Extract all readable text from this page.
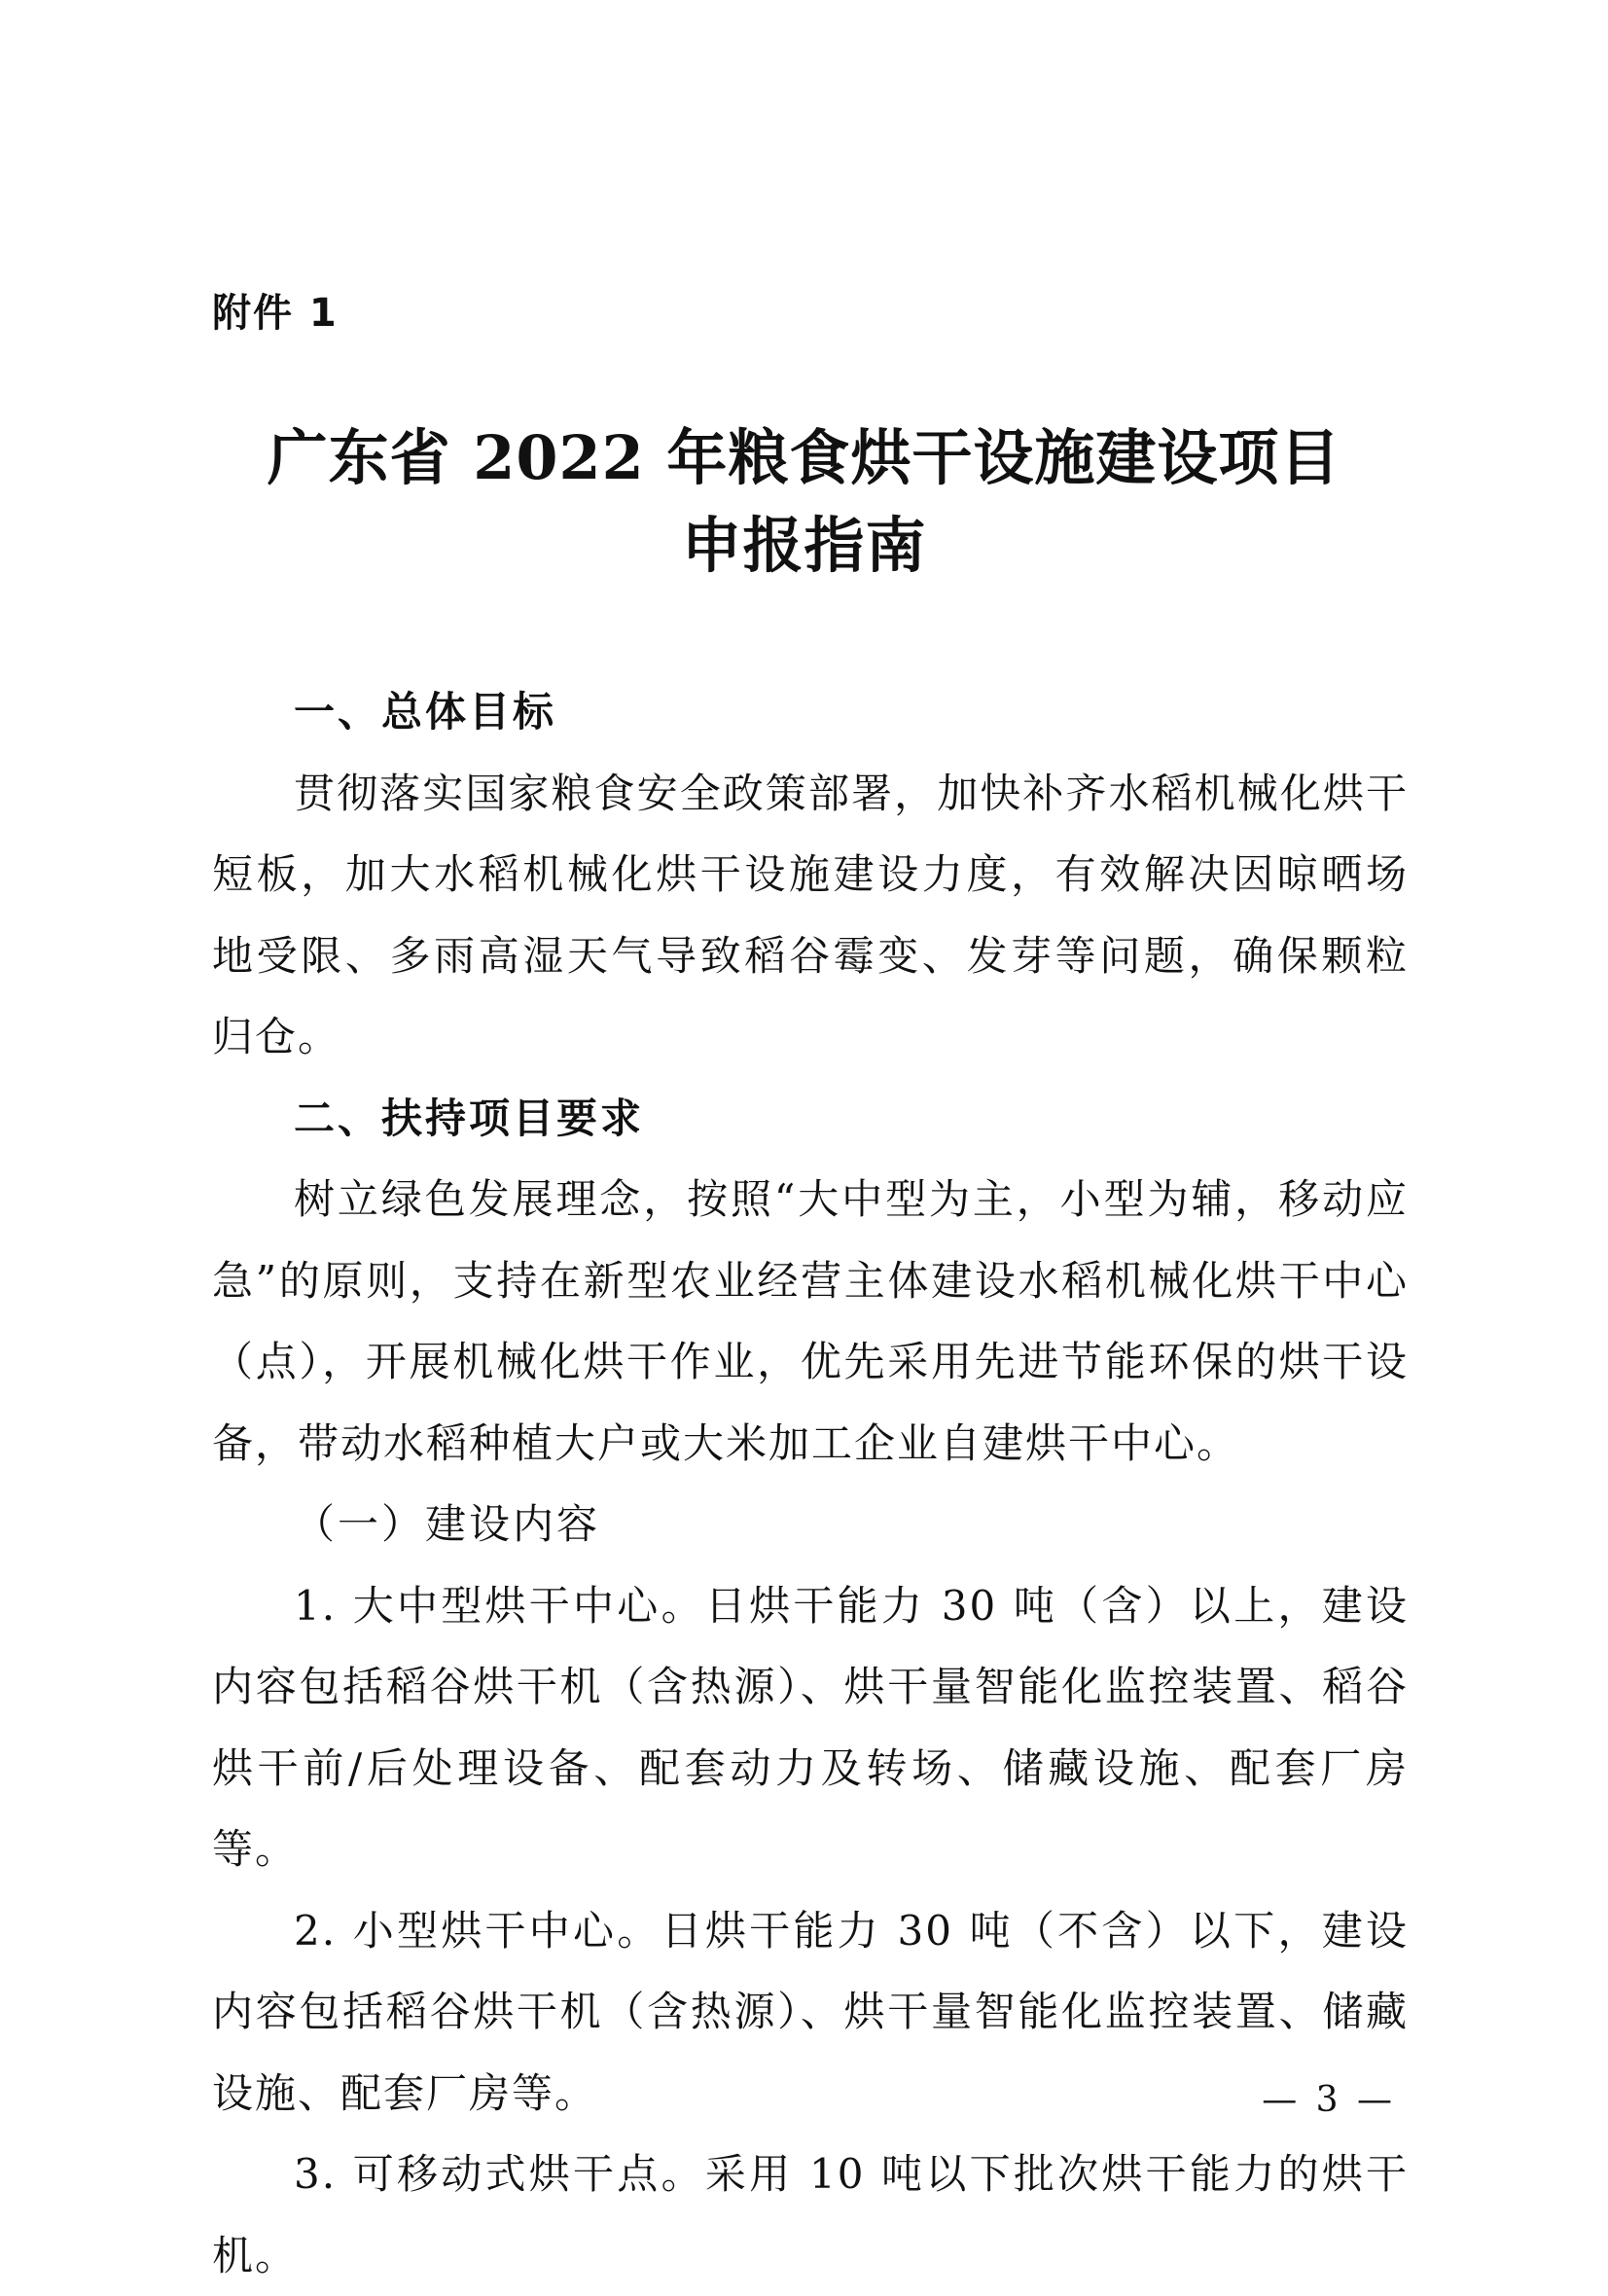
附件 1
广东省 2022 年粮食烘干设施建设项目
申报指南

一、总体目标

贯彻落实国家粮食安全政策部署，加快补齐水稻机械化烘干短板，加大水稻机械化烘干设施建设力度，有效解决因晾晒场地受限、多雨高湿天气导致稻谷霉变、发芽等问题，确保颗粒归仓。

二、扶持项目要求

树立绿色发展理念，按照“大中型为主，小型为辅，移动应急”的原则，支持在新型农业经营主体建设水稻机械化烘干中心（点），开展机械化烘干作业，优先采用先进节能环保的烘干设备，带动水稻种植大户或大米加工企业自建烘干中心。

（一）建设内容

1. 大中型烘干中心。日烘干能力 30 吨（含）以上，建设内容包括稻谷烘干机（含热源）、烘干量智能化监控装置、稻谷烘干前/后处理设备、配套动力及转场、储藏设施、配套厂房等。

2. 小型烘干中心。日烘干能力 30 吨（不含）以下，建设内容包括稻谷烘干机（含热源）、烘干量智能化监控装置、储藏设施、配套厂房等。

3. 可移动式烘干点。采用 10 吨以下批次烘干能力的烘干机。

— 3 —
